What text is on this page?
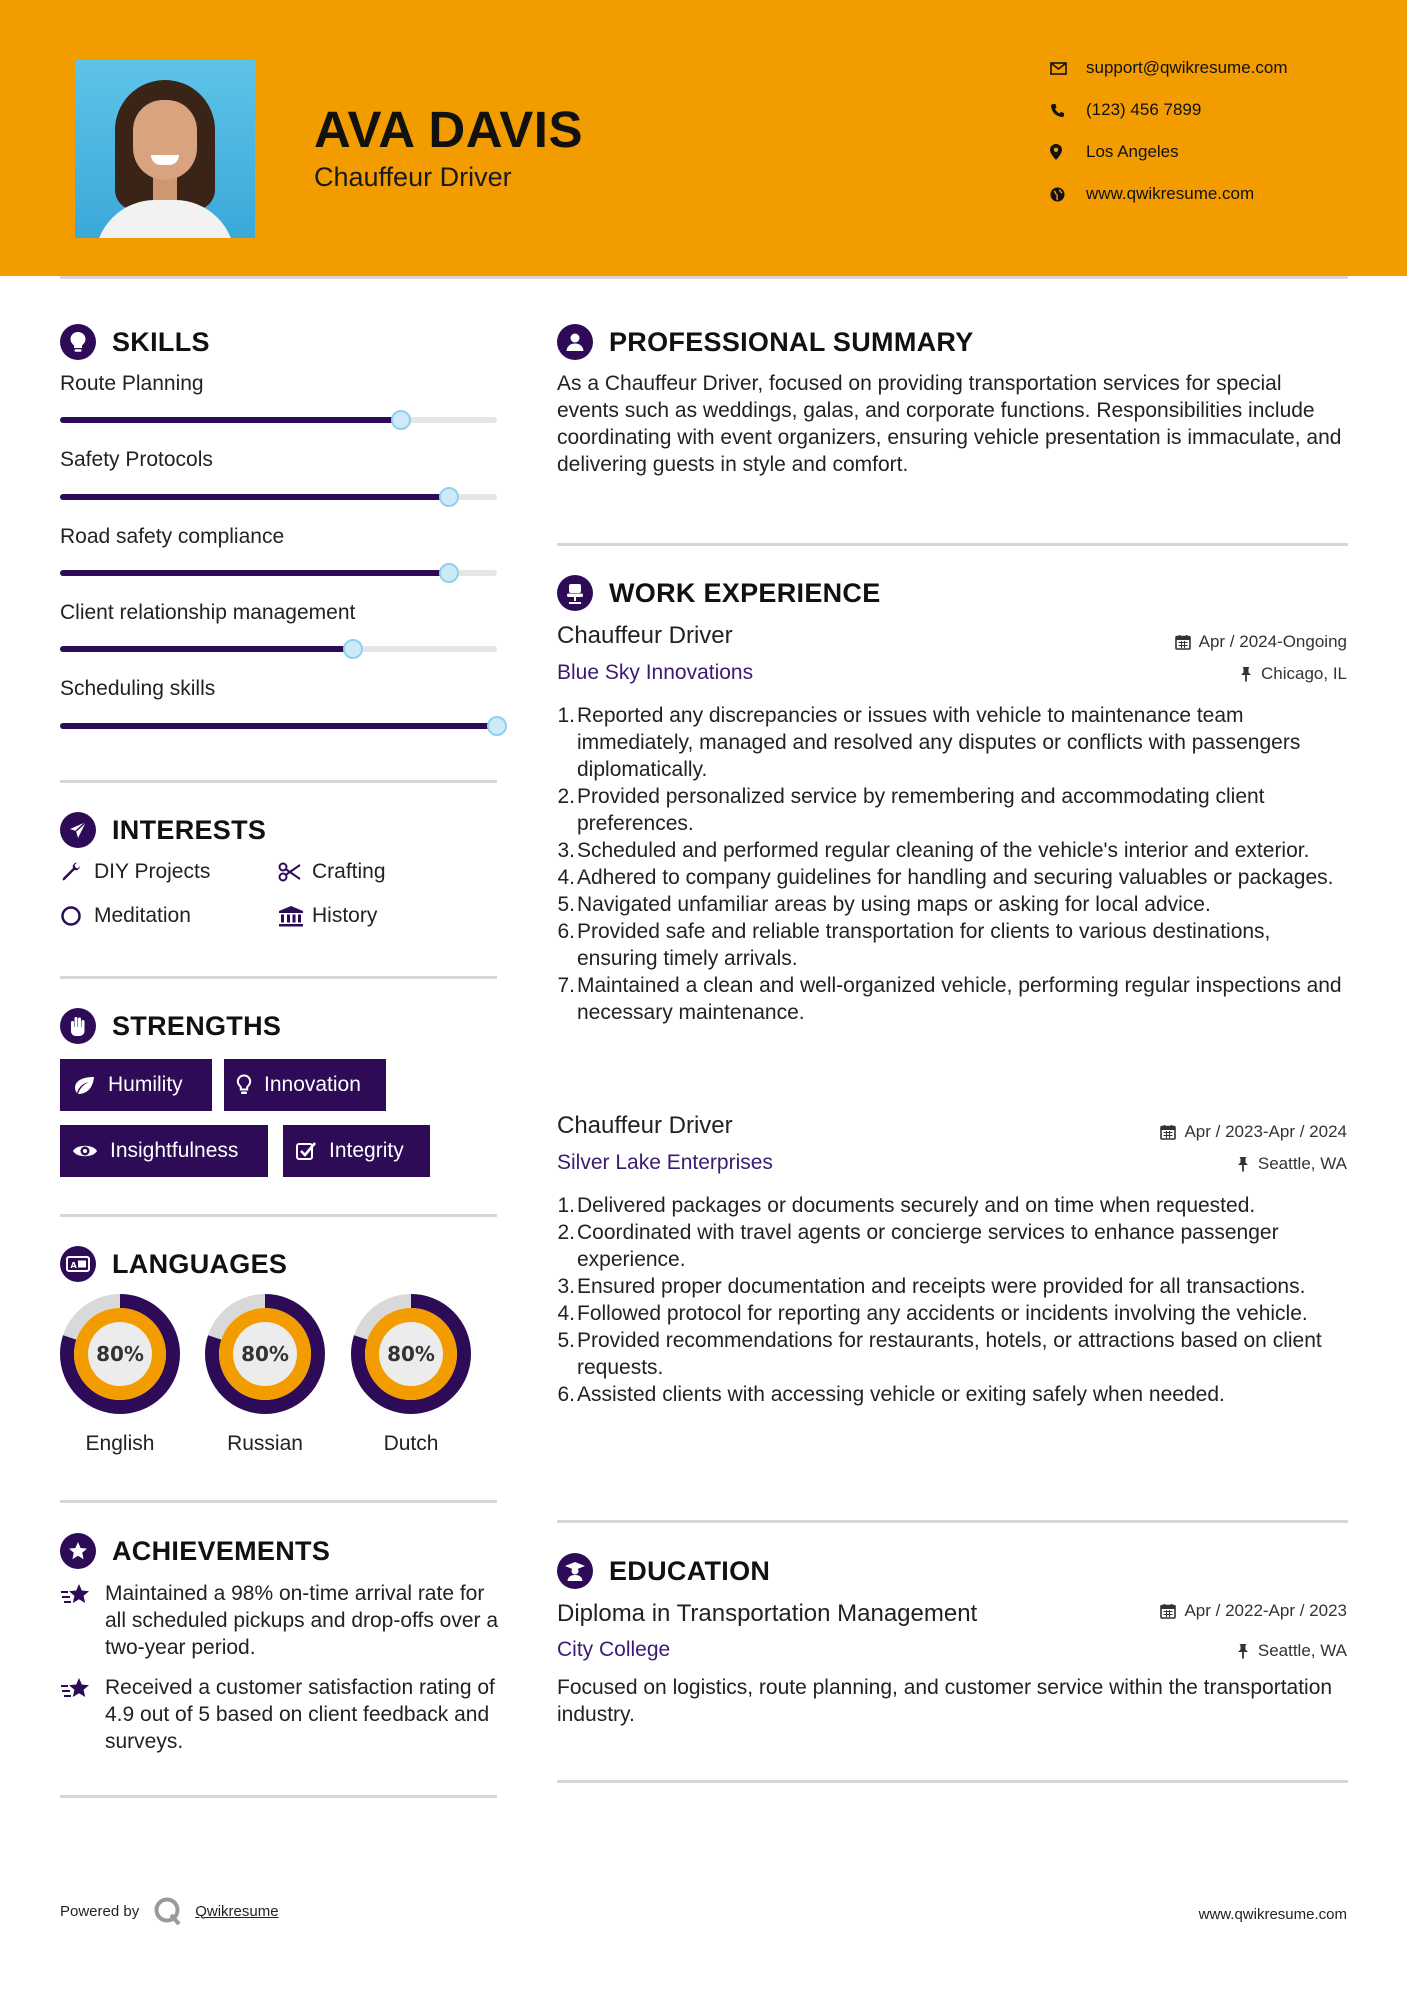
AVA DAVIS
Chauffeur Driver
support@qwikresume.com
(123) 456 7899
Los Angeles
www.qwikresume.com
SKILLS
Route Planning
Safety Protocols
Road safety compliance
Client relationship management
Scheduling skills
INTERESTS
DIY Projects	Crafting
Meditation	History
STRENGTHS
Humility	Innovation
Insightfulness	Integrity
A LANGUAGES
80%
English
80%
Russian
80%
Dutch
ACHIEVEMENTS
Maintained a 98% on-time arrival rate for all scheduled pickups and drop-offs over a two-year period.
Received a customer satisfaction rating of 4.9 out of 5 based on client feedback and surveys.
PROFESSIONAL SUMMARY
As a Chauffeur Driver, focused on providing transportation services for special events such as weddings, galas, and corporate functions. Responsibilities include coordinating with event organizers, ensuring vehicle presentation is immaculate, and delivering guests in style and comfort.
WORK EXPERIENCE
Chauffeur Driver	Apr / 2024-Ongoing
Blue Sky Innovations	Chicago, IL
1. Reported any discrepancies or issues with vehicle to maintenance team immediately, managed and resolved any disputes or conflicts with passengers diplomatically.
2. Provided personalized service by remembering and accommodating client preferences.
3. Scheduled and performed regular cleaning of the vehicle's interior and exterior.
4. Adhered to company guidelines for handling and securing valuables or packages.
5. Navigated unfamiliar areas by using maps or asking for local advice.
6. Provided safe and reliable transportation for clients to various destinations, ensuring timely arrivals.
7. Maintained a clean and well-organized vehicle, performing regular inspections and necessary maintenance.
Chauffeur Driver	Apr / 2023-Apr / 2024
Silver Lake Enterprises	Seattle, WA
1. Delivered packages or documents securely and on time when requested.
2. Coordinated with travel agents or concierge services to enhance passenger experience.
3. Ensured proper documentation and receipts were provided for all transactions.
4. Followed protocol for reporting any accidents or incidents involving the vehicle.
5. Provided recommendations for restaurants, hotels, or attractions based on client requests.
6. Assisted clients with accessing vehicle or exiting safely when needed.
EDUCATION
Diploma in Transportation Management	Apr / 2022-Apr / 2023
City College	Seattle, WA
Focused on logistics, route planning, and customer service within the transportation industry.
Powered by	Qwikresume	www.qwikresume.com
